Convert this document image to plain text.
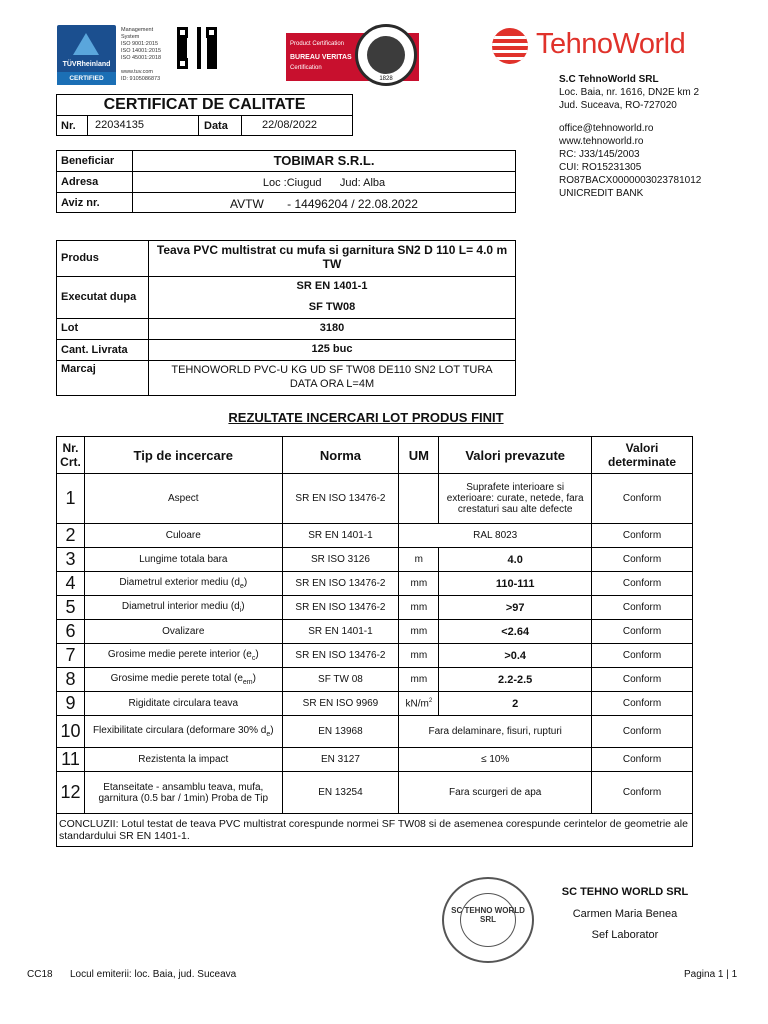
TÜVRheinland
CERTIFIED
Management
System
ISO 9001:2015
ISO 14001:2015
ISO 45001:2018
www.tuv.com
ID: 9105086873
Product Certification
BUREAU VERITAS
Certification
1828
TehnoWorld
S.C TehnoWorld SRL
Loc. Baia, nr. 1616, DN2E km 2
Jud. Suceava, RO-727020
office@tehnoworld.ro
www.tehnoworld.ro
RC: J33/145/2003
CUI: RO15231305
RO87BACX0000003023781012
UNICREDIT BANK
CERTIFICAT DE CALITATE
Nr. 22034135	Data	22/08/2022
Beneficiar	TOBIMAR S.R.L.
Adresa	Loc :Ciugud      Jud: Alba
Aviz nr.	AVTW       - 14496204 / 22.08.2022
Produs
Teava PVC multistrat cu mufa si garnitura SN2 D 110 L= 4.0 m TW
Executat dupa
SR EN 1401-1
SF TW08
Lot	3180
Cant. Livrata	125 buc
Marcaj	TEHNOWORLD PVC-U KG UD SF TW08 DE110 SN2 LOT TURA DATA ORA L=4M
REZULTATE INCERCARI LOT PRODUS FINIT
Nr. Crt.	Tip de incercare	Norma	UM	Valori prevazute	Valori determinate
1	Aspect	SR EN ISO 13476-2		Suprafete interioare si exterioare: curate, netede, fara crestaturi sau alte defecte	Conform
2	Culoare	SR EN 1401-1	RAL 8023		Conform
3	Lungime totala bara	SR ISO 3126	m	4.0	Conform
4	Diametrul exterior mediu $(d_e)$	SR EN ISO 13476-2	mm	110-111	Conform
5	Diametrul interior mediu $(d_i)$	SR EN ISO 13476-2	mm	>97	Conform
6	Ovalizare	SR EN 1401-1	mm	<2.64	Conform
7	Grosime medie perete interior $(e_c)$	SR EN ISO 13476-2	mm	>0.4	Conform
8	Grosime medie perete total $(e_{em})$	SF TW 08	mm	2.2-2.5	Conform
9	Rigiditate circulara teava	SR EN ISO 9969	$kN/m^2$	2	Conform
10	Flexibilitate circulara (deformare 30% $d_e$)	EN 13968	Fara delaminare, fisuri, rupturi		Conform
11	Rezistenta la impact	EN 3127	≤ 10%		Conform
12	Etanseitate - ansamblu teava, mufa, garnitura (0.5 bar / 1min) Proba de Tip	EN 13254	Fara scurgeri de apa		Conform
CONCLUZII: Lotul testat de teava PVC multistrat corespunde normei SF TW08 si de asemenea corespunde cerintelor de geometrie ale standardului SR EN 1401-1.					
SC TEHNO WORLD SRL
SC TEHNO WORLD SRL
Carmen Maria Benea
Sef Laborator
CC18 Locul emiterii: loc. Baia, jud. Suceava	Pagina 1 | 1
